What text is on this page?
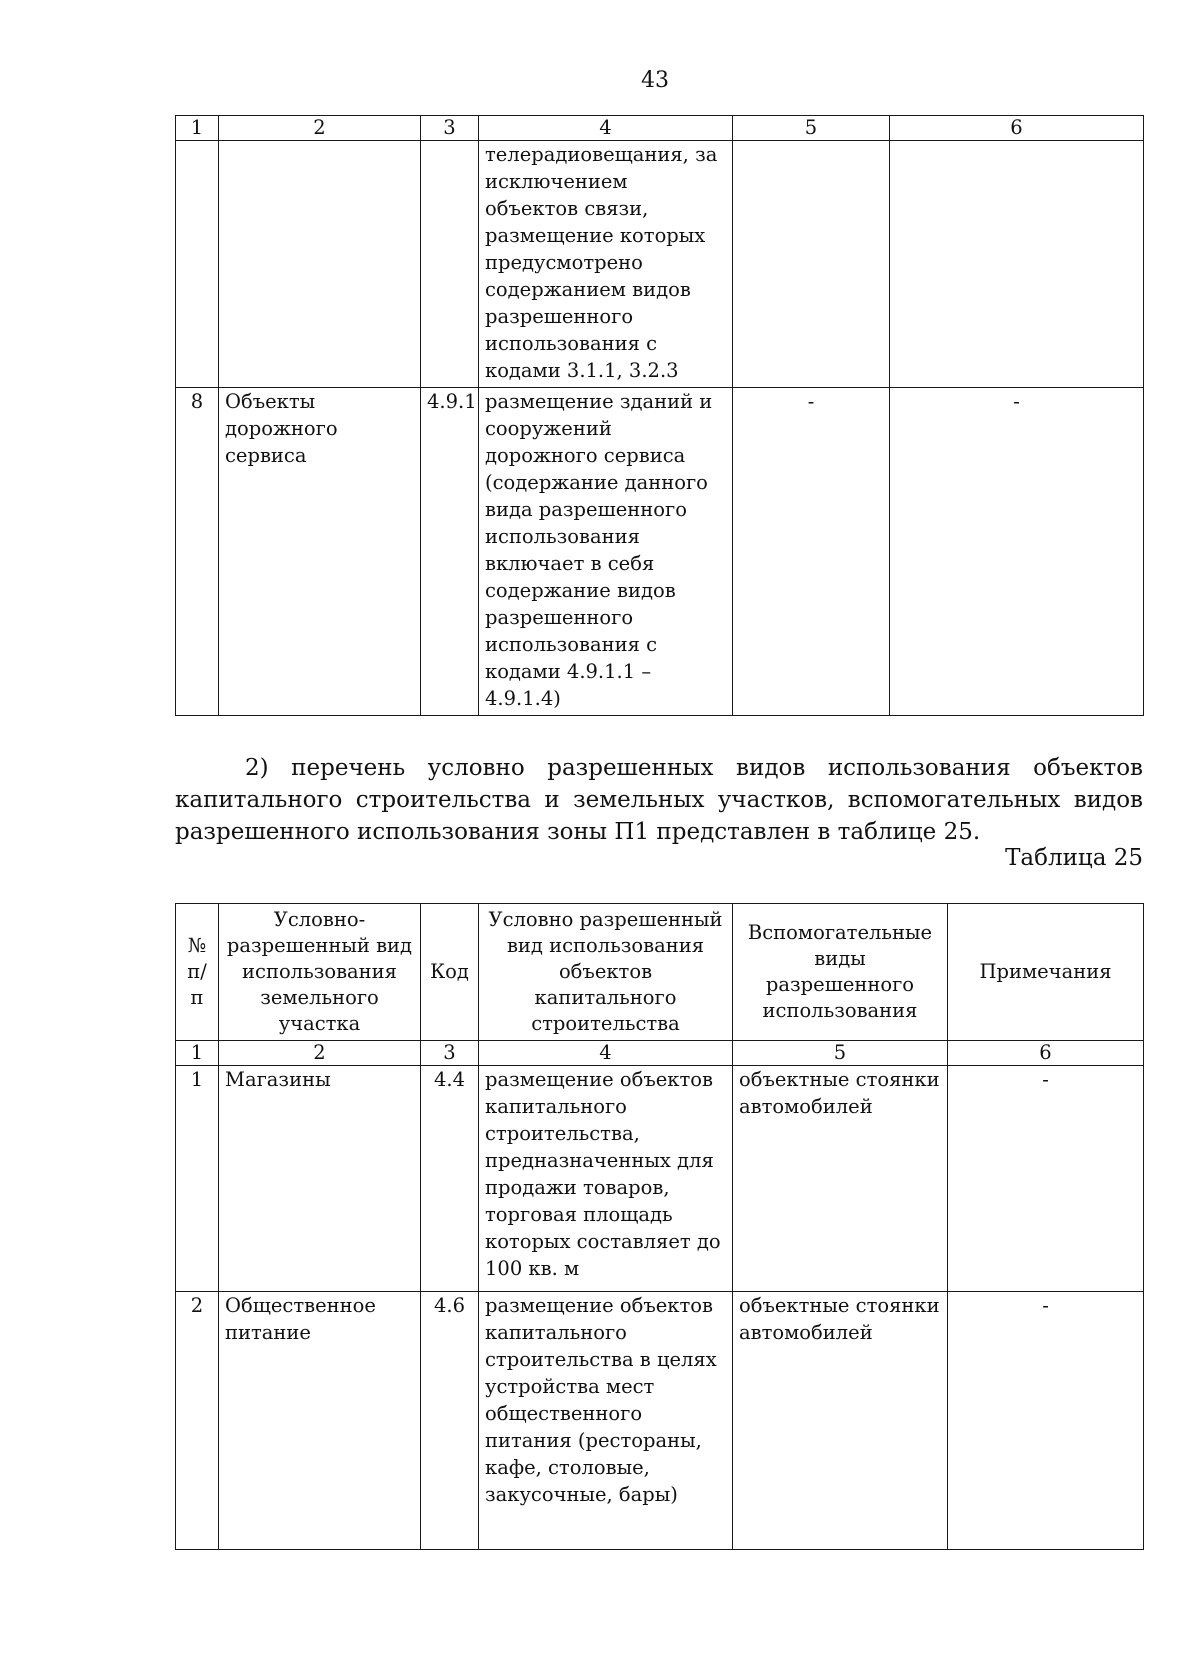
43
1	2	3	4	5	6
			телерадиовещания, за исключением объектов связи, размещение которых предусмотрено содержанием видов разрешенного использования с кодами 3.1.1, 3.2.3		
8	Объекты дорожного сервиса	4.9.1	размещение зданий и сооружений дорожного сервиса (содержание данного вида разрешенного использования включает в себя содержание видов разрешенного использования с кодами 4.9.1.1 – 4.9.1.4)	-	-

2) перечень условно разрешенных видов использования объектов капитального строительства и земельных участков, вспомогательных видов разрешенного использования зоны П1 представлен в таблице 25.

Таблица 25
№ п/п	Условно-разрешенный вид использования земельного участка	Код	Условно разрешенный вид использования объектов капитального строительства	Вспомогательные виды разрешенного использования	Примечания
1	2	3	4	5	6
1	Магазины	4.4	размещение объектов капитального строительства, предназначенных для продажи товаров, торговая площадь которых составляет до 100 кв. м	объектные стоянки автомобилей	-
2	Общественное питание	4.6	размещение объектов капитального строительства в целях устройства мест общественного питания (рестораны, кафе, столовые, закусочные, бары)	объектные стоянки автомобилей	-
